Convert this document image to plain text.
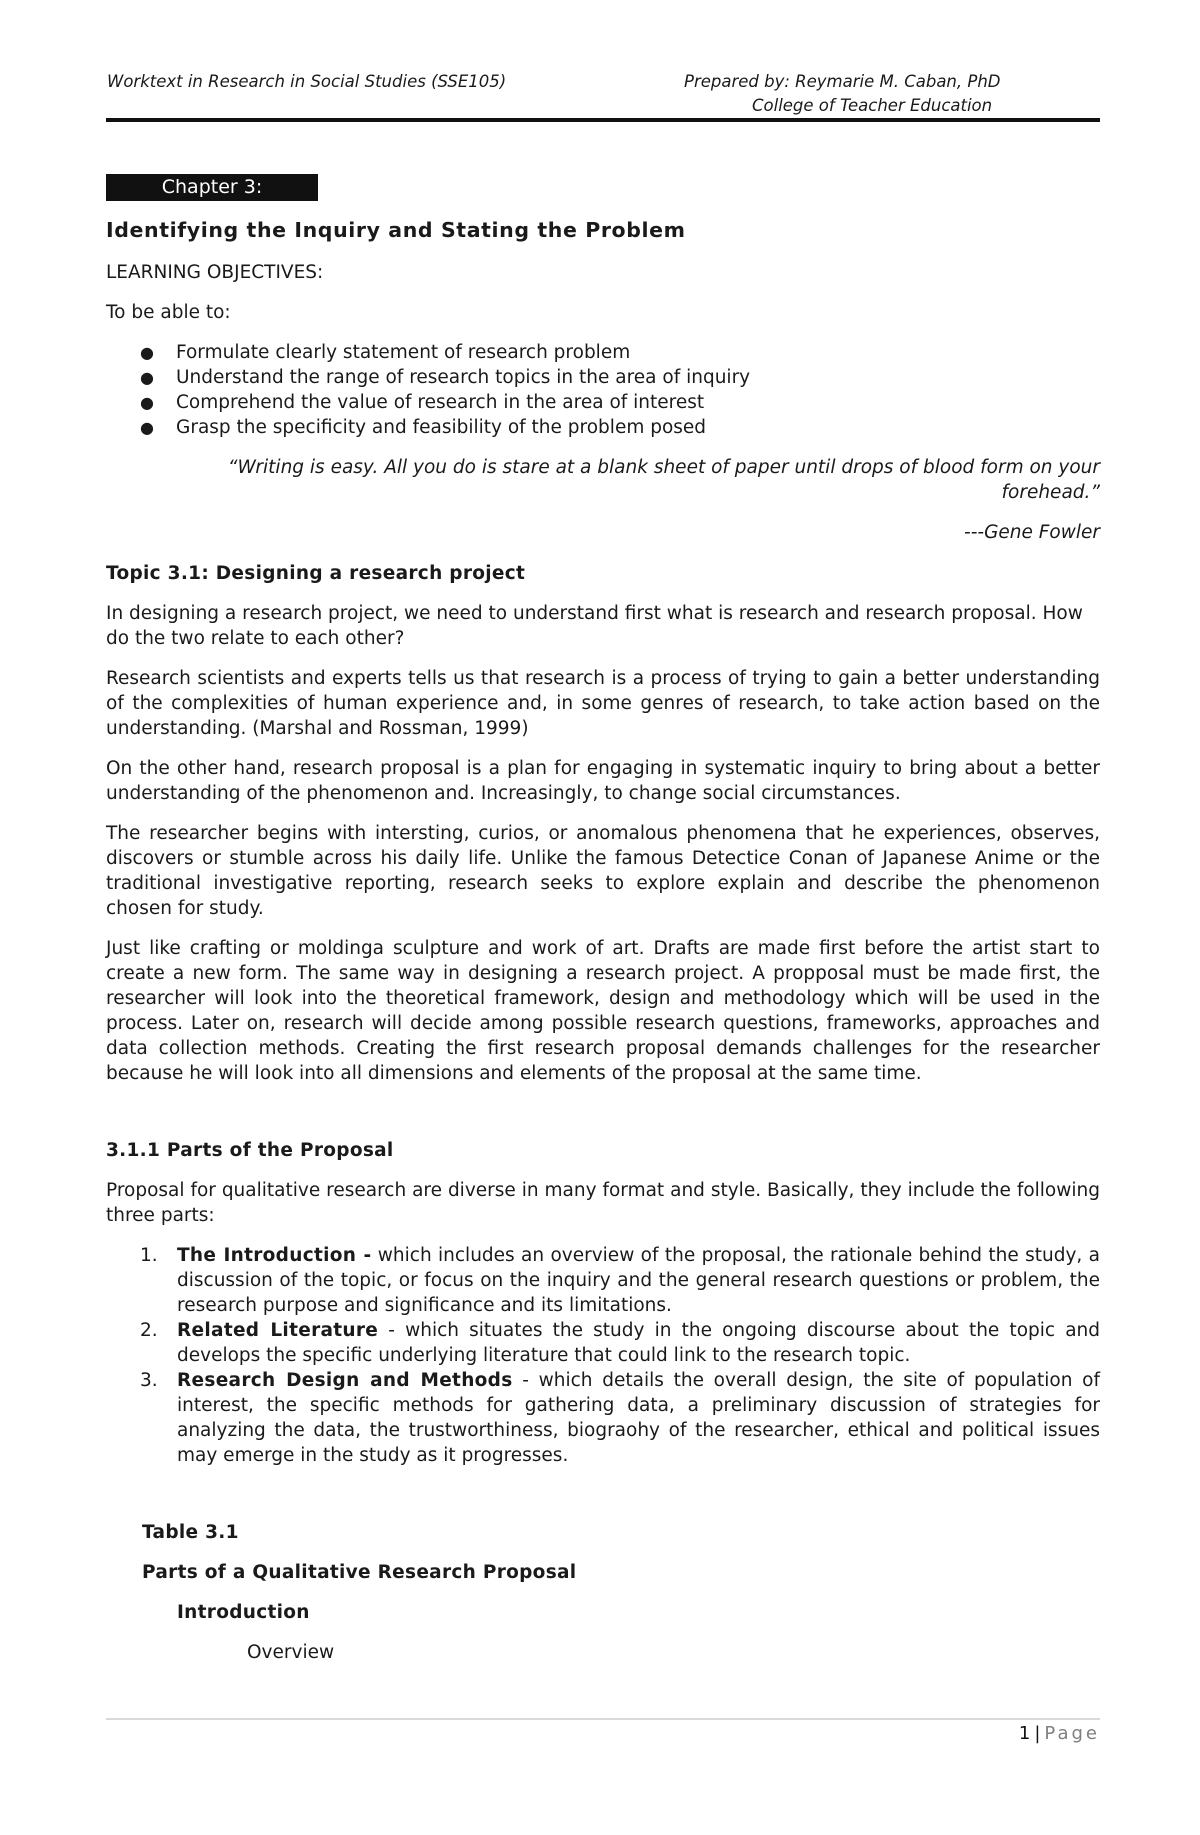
Worktext in Research in Social Studies (SSE105)	Prepared by: Reymarie M. Caban, PhD
College of Teacher Education
Chapter 3:
Identifying the Inquiry and Stating the Problem

LEARNING OBJECTIVES:

To be able to:

● Formulate clearly statement of research problem
● Understand the range of research topics in the area of inquiry
● Comprehend the value of research in the area of interest
● Grasp the specificity and feasibility of the problem posed

“Writing is easy. All you do is stare at a blank sheet of paper until drops of blood form on your forehead.”

---Gene Fowler

Topic 3.1: Designing a research project

In designing a research project, we need to understand first what is research and research proposal. How do the two relate to each other?

Research scientists and experts tells us that research is a process of trying to gain a better understanding of the complexities of human experience and, in some genres of research, to take action based on the understanding. (Marshal and Rossman, 1999)

On the other hand, research proposal is a plan for engaging in systematic inquiry to bring about a better understanding of the phenomenon and. Increasingly, to change social circumstances.

The researcher begins with intersting, curios, or anomalous phenomena that he experiences, observes, discovers or stumble across his daily life. Unlike the famous Detectice Conan of Japanese Anime or the traditional investigative reporting, research seeks to explore explain and describe the phenomenon chosen for study.

Just like crafting or moldinga sculpture and work of art. Drafts are made first before the artist start to create a new form. The same way in designing a research project. A propposal must be made first, the researcher will look into the theoretical framework, design and methodology which will be used in the process. Later on, research will decide among possible research questions, frameworks, approaches and data collection methods. Creating the first research proposal demands challenges for the researcher because he will look into all dimensions and elements of the proposal at the same time.

3.1.1 Parts of the Proposal

Proposal for qualitative research are diverse in many format and style. Basically, they include the following three parts:

1. The Introduction - which includes an overview of the proposal, the rationale behind the study, a discussion of the topic, or focus on the inquiry and the general research questions or problem, the research purpose and significance and its limitations.
2. Related Literature - which situates the study in the ongoing discourse about the topic and develops the specific underlying literature that could link to the research topic.
3. Research Design and Methods - which details the overall design, the site of population of interest, the specific methods for gathering data, a preliminary discussion of strategies for analyzing the data, the trustworthiness, biograohy of the researcher, ethical and political issues may emerge in the study as it progresses.

Table 3.1

Parts of a Qualitative Research Proposal

Introduction

Overview

1 | Page
